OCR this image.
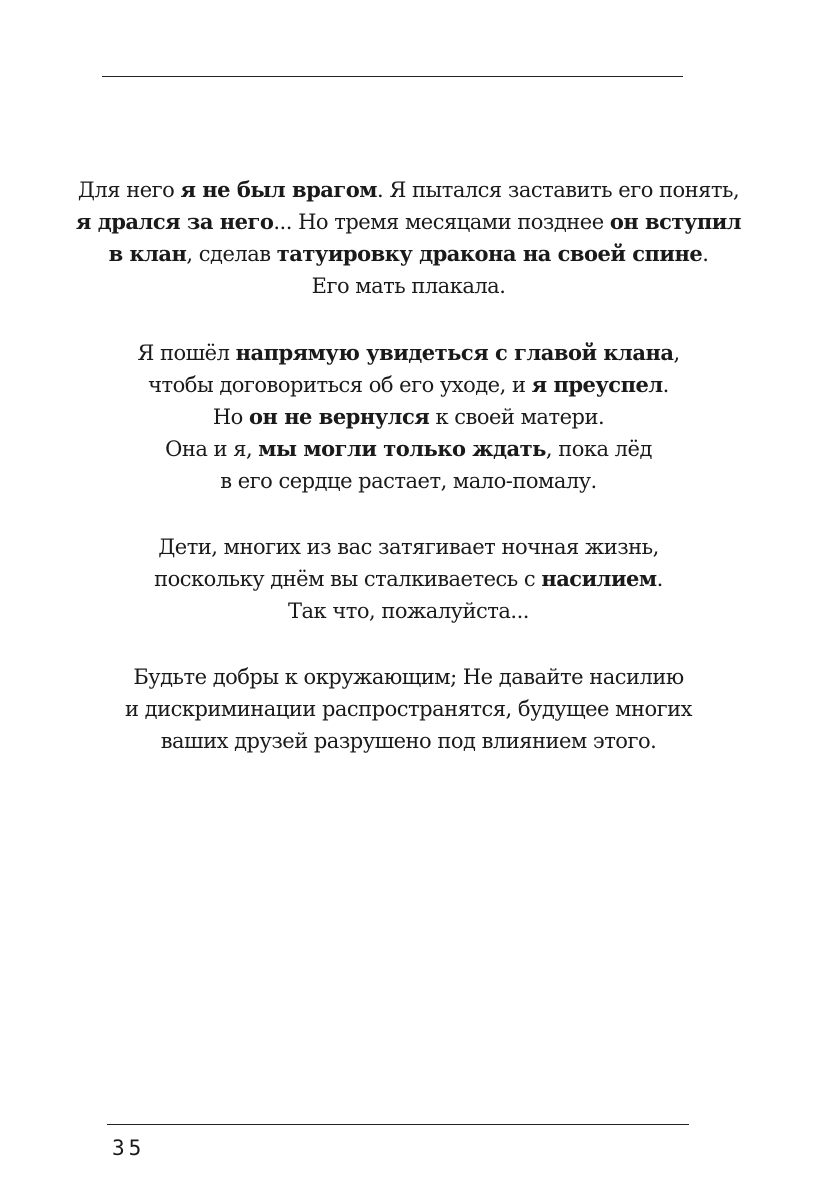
Для него я не был врагом. Я пытался заставить его понять,
я дрался за него... Но тремя месяцами позднее он вступил
в клан, сделав татуировку дракона на своей спине.
Его мать плакала.
Я пошёл напрямую увидеться с главой клана,
чтобы договориться об его уходе, и я преуспел.
Но он не вернулся к своей матери.
Она и я, мы могли только ждать, пока лёд
в его сердце растает, мало-помалу.
Дети, многих из вас затягивает ночная жизнь,
поскольку днём вы сталкиваетесь с насилием.
Так что, пожалуйста...
Будьте добры к окружающим; Не давайте насилию
и дискриминации распространятся, будущее многих
ваших друзей разрушено под влиянием этого.
35
